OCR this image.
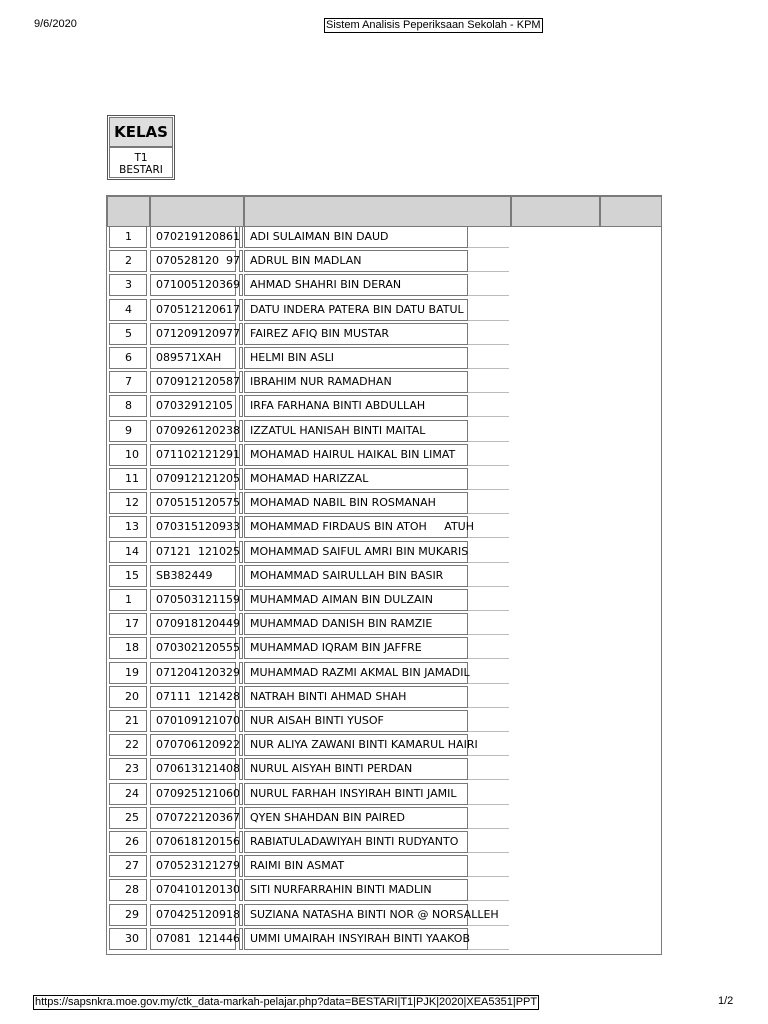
9/6/2020	Sistem Analisis Peperiksaan Sekolah - KPM
KELAS
T1
BESTARI
1	070219120861 ADI SULAIMAN BIN DAUD
2	070528120  97 ADRUL BIN MADLAN
3	071005120369 AHMAD SHAHRI BIN DERAN
4	070512120617 DATU INDERA PATERA BIN DATU BATUL
5	071209120977 FAIREZ AFIQ BIN MUSTAR
6	089571XAH	HELMI BIN ASLI
7	070912120587 IBRAHIM NUR RAMADHAN
8	07032912105	IRFA FARHANA BINTI ABDULLAH
9	070926120238 IZZATUL HANISAH BINTI MAITAL
10	071102121291 MOHAMAD HAIRUL HAIKAL BIN LIMAT
11	070912121205 MOHAMAD HARIZZAL
12	070515120575 MOHAMAD NABIL BIN ROSMANAH
13	070315120933 MOHAMMAD FIRDAUS BIN ATOH     ATUH
14	07121  121025 MOHAMMAD SAIFUL AMRI BIN MUKARIS
15	SB382449	MOHAMMAD SAIRULLAH BIN BASIR
1	070503121159 MUHAMMAD AIMAN BIN DULZAIN
17	070918120449 MUHAMMAD DANISH BIN RAMZIE
18	070302120555 MUHAMMAD IQRAM BIN JAFFRE
19	071204120329 MUHAMMAD RAZMI AKMAL BIN JAMADIL
20	07111  121428 NATRAH BINTI AHMAD SHAH
21	070109121070 NUR AISAH BINTI YUSOF
22	070706120922 NUR ALIYA ZAWANI BINTI KAMARUL HAIRI
23	070613121408 NURUL AISYAH BINTI PERDAN
24	070925121060 NURUL FARHAH INSYIRAH BINTI JAMIL
25	070722120367 QYEN SHAHDAN BIN PAIRED
26	070618120156 RABIATULADAWIYAH BINTI RUDYANTO
27	070523121279 RAIMI BIN ASMAT
28	070410120130 SITI NURFARRAHIN BINTI MADLIN
29	070425120918 SUZIANA NATASHA BINTI NOR @ NORSALLEH
30	07081  121446 UMMI UMAIRAH INSYIRAH BINTI YAAKOB
https://sapsnkra.moe.gov.my/ctk_data-markah-pelajar.php?data=BESTARI|T1|PJK|2020|XEA5351|PPT	1/2
